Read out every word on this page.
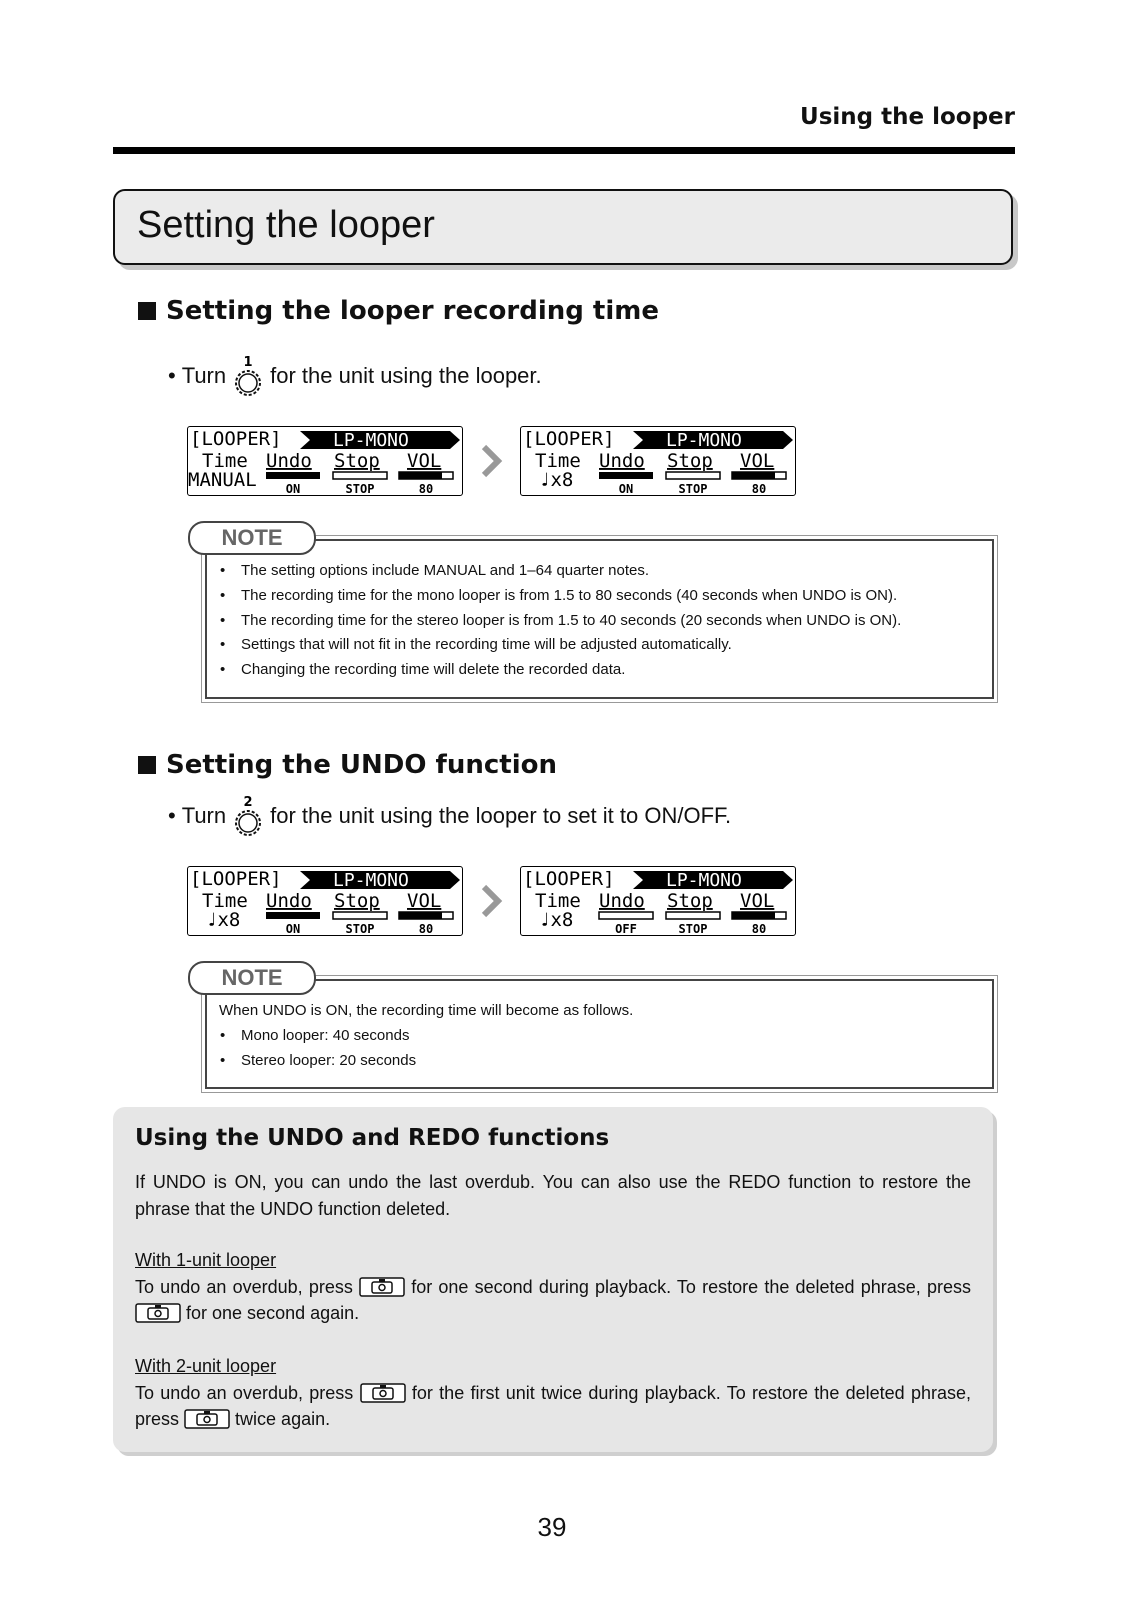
Using the looper
Setting the looper
Setting the looper recording time
• Turn
1
for the unit using the looper.
[LOOPER]	LP-MONO
Time Undo Stop VOL
MANUAL ON	STOP	80
[LOOPER]	LP-MONO
Time Undo Stop VOL
♩x8	ON	STOP	80
• The setting options include MANUAL and 1–64 quarter notes.
• The recording time for the mono looper is from 1.5 to 80 seconds (40 seconds when UNDO is ON).
• The recording time for the stereo looper is from 1.5 to 40 seconds (20 seconds when UNDO is ON).
• Settings that will not fit in the recording time will be adjusted automatically.
• Changing the recording time will delete the recorded data.
NOTE
Setting the UNDO function
• Turn
2
for the unit using the looper to set it to ON/OFF.
[LOOPER]	LP-MONO
Time Undo Stop VOL
♩x8	ON	STOP	80
[LOOPER]	LP-MONO
Time Undo Stop VOL
♩x8	OFF	STOP	80

When UNDO is ON, the recording time will become as follows.

• Mono looper: 40 seconds
• Stereo looper: 20 seconds
NOTE
Using the UNDO and REDO functions
If UNDO is ON, you can undo the last overdub. You can also use the REDO function to restore the phrase that the UNDO function deleted.
With 1-unit looper
To undo an overdub, press	for one second during playback. To restore the deleted phrase, press  for one second again.
With 2-unit looper
To undo an overdub, press	for the first unit twice during playback. To restore the deleted phrase, press	twice again.
39
